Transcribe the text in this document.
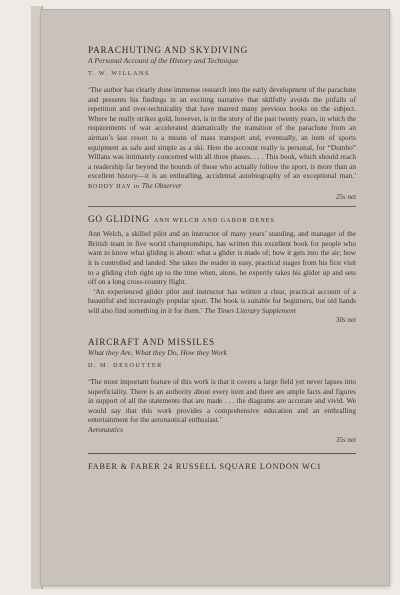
PARACHUTING AND SKYDIVING
A Personal Account of the History and Technique
T. W. WILLANS
‘The author has clearly done immense research into the early development of the parachute and presents his findings in an exciting narrative that skilfully avoids the pitfalls of repetition and over-technicality that have marred many previous books on the subject. Where he really strikes gold, however, is in the story of the past twenty years, in which the requirements of war accelerated dramatically the transition of the parachute from an airman’s last resort to a means of mass transport and, eventually, an item of sports equipment as safe and simple as a ski. Here the account really is personal, for “Dumbo” Willans was intimately concerned with all three phases. . . . This book, which should reach a readership far beyond the bounds of those who actually follow the sport, is more than an excellent history—it is an enthralling, accidental autobiography of an exceptional man.’ BODDY HAY in The Observer
25s net
GO GLIDING ANN WELCH AND GABOR DENES
Ann Welch, a skilled pilot and an instructor of many years’ standing, and manager of the British team in five world championships, has written this excellent book for people who want to know what gliding is about: what a glider is made of; how it gets into the air; how it is controlled and landed. She takes the reader in easy, practical stages from his first visit to a gliding club right up to the time when, alone, he expertly takes his glider up and sets off on a long cross-country flight.
‘An experienced glider pilot and instructor has written a clear, practical account of a beautiful and increasingly popular sport. The book is suitable for beginners, but old hands will also find something in it for them.’ The Times Literary Supplement
30s net
AIRCRAFT AND MISSILES
What they Are, What they Do, How they Work
D. M. DESOUTTER
‘The most important feature of this work is that it covers a large field yet never lapses into superficiality. There is an authority about every item and there are ample facts and figures in support of all the statements that are made . . . the diagrams are accurate and vivid. We would say that this work provides a comprehensive education and an enthralling entertainment for the aeronautical enthusiast.’
Aeronautics
35s net
FABER & FABER 24 RUSSELL SQUARE LONDON WC1
